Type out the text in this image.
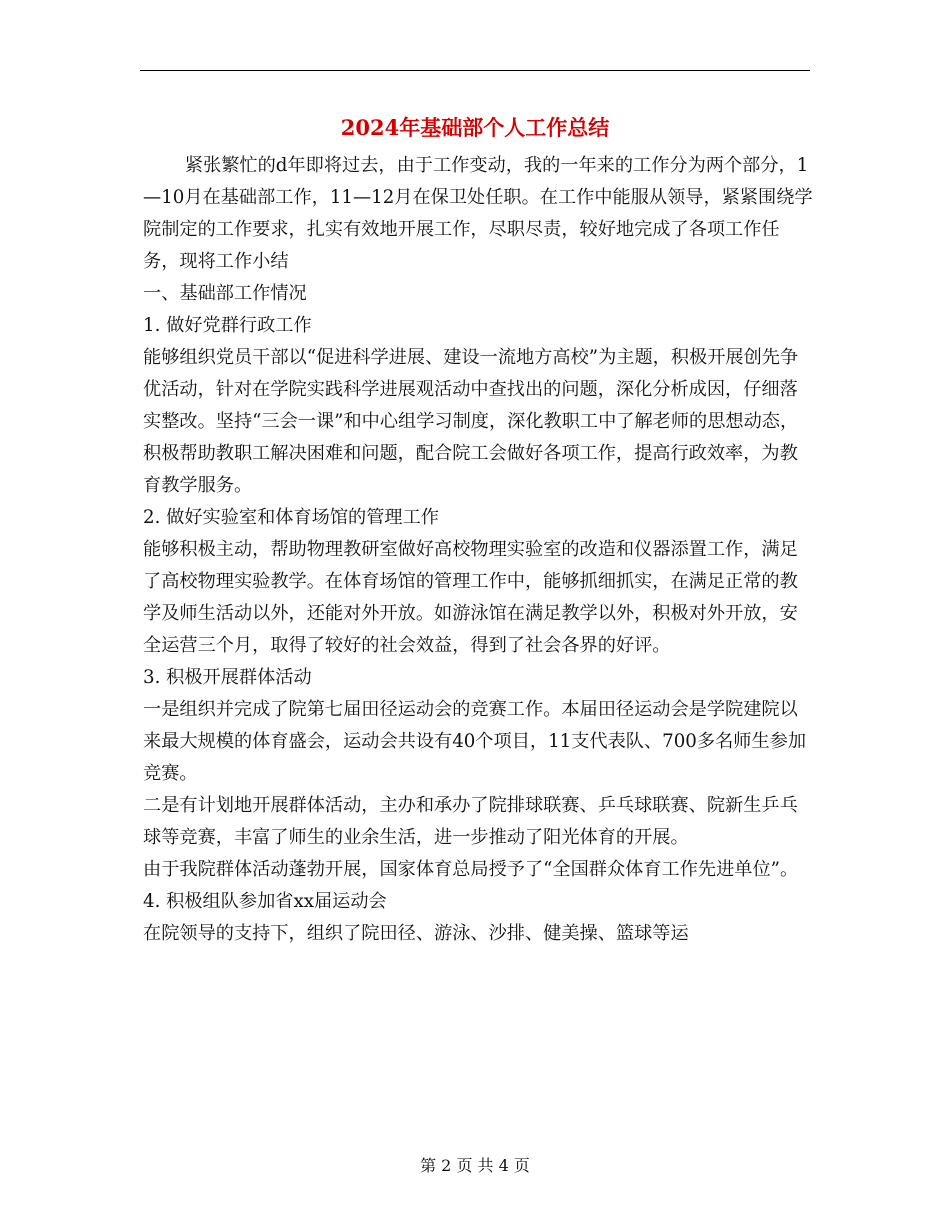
2024年基础部个人工作总结

紧张繁忙的d年即将过去，由于工作变动，我的一年来的工作分为两个部分，1—10月在基础部工作，11—12月在保卫处任职。在工作中能服从领导，紧紧围绕学院制定的工作要求，扎实有效地开展工作，尽职尽责，较好地完成了各项工作任务，现将工作小结

一、基础部工作情况

1. 做好党群行政工作

能够组织党员干部以“促进科学进展、建设一流地方高校”为主题，积极开展创先争优活动，针对在学院实践科学进展观活动中查找出的问题，深化分析成因，仔细落实整改。坚持“三会一课”和中心组学习制度，深化教职工中了解老师的思想动态，积极帮助教职工解决困难和问题，配合院工会做好各项工作，提高行政效率，为教育教学服务。

2. 做好实验室和体育场馆的管理工作

能够积极主动，帮助物理教研室做好高校物理实验室的改造和仪器添置工作，满足了高校物理实验教学。在体育场馆的管理工作中，能够抓细抓实，在满足正常的教学及师生活动以外，还能对外开放。如游泳馆在满足教学以外，积极对外开放，安全运营三个月，取得了较好的社会效益，得到了社会各界的好评。

3. 积极开展群体活动

一是组织并完成了院第七届田径运动会的竞赛工作。本届田径运动会是学院建院以来最大规模的体育盛会，运动会共设有40个项目，11支代表队、700多名师生参加竞赛。

二是有计划地开展群体活动，主办和承办了院排球联赛、乒乓球联赛、院新生乒乓球等竞赛，丰富了师生的业余生活，进一步推动了阳光体育的开展。

由于我院群体活动蓬勃开展，国家体育总局授予了“全国群众体育工作先进单位”。

4. 积极组队参加省xx届运动会

在院领导的支持下，组织了院田径、游泳、沙排、健美操、篮球等运

第 2 页 共 4 页
